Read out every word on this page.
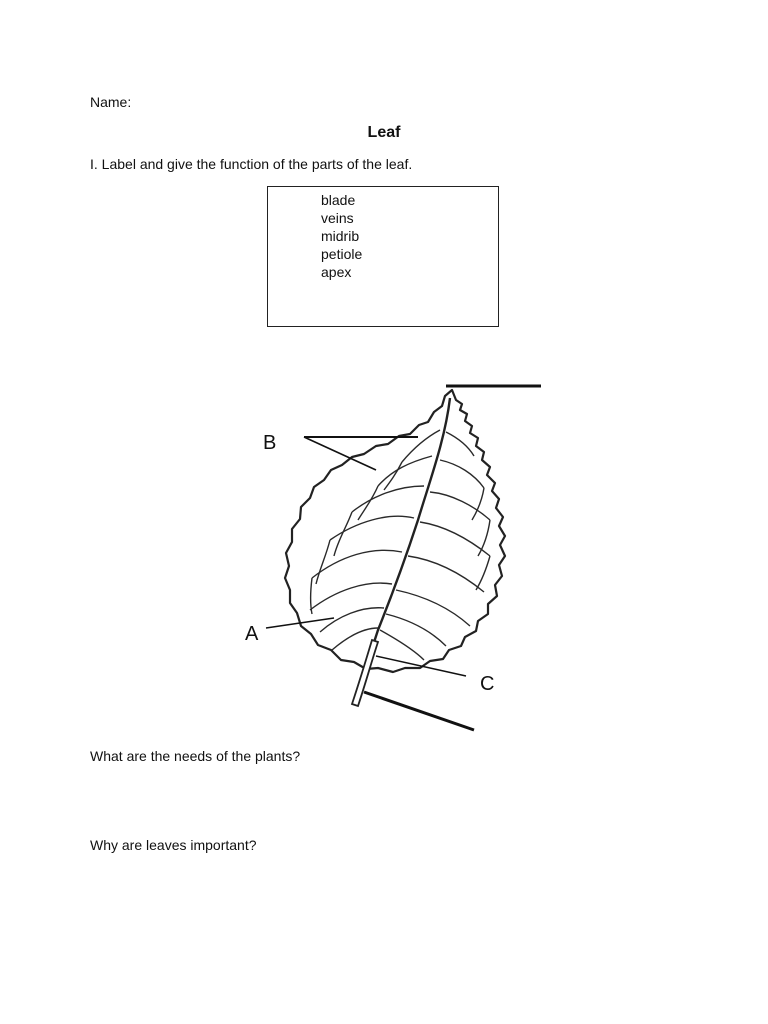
Name:
Leaf
I. Label and give the function of the parts of the leaf.
blade
veins
midrib
petiole
apex
B
A
C
What are the needs of the plants?
Why are leaves important?
